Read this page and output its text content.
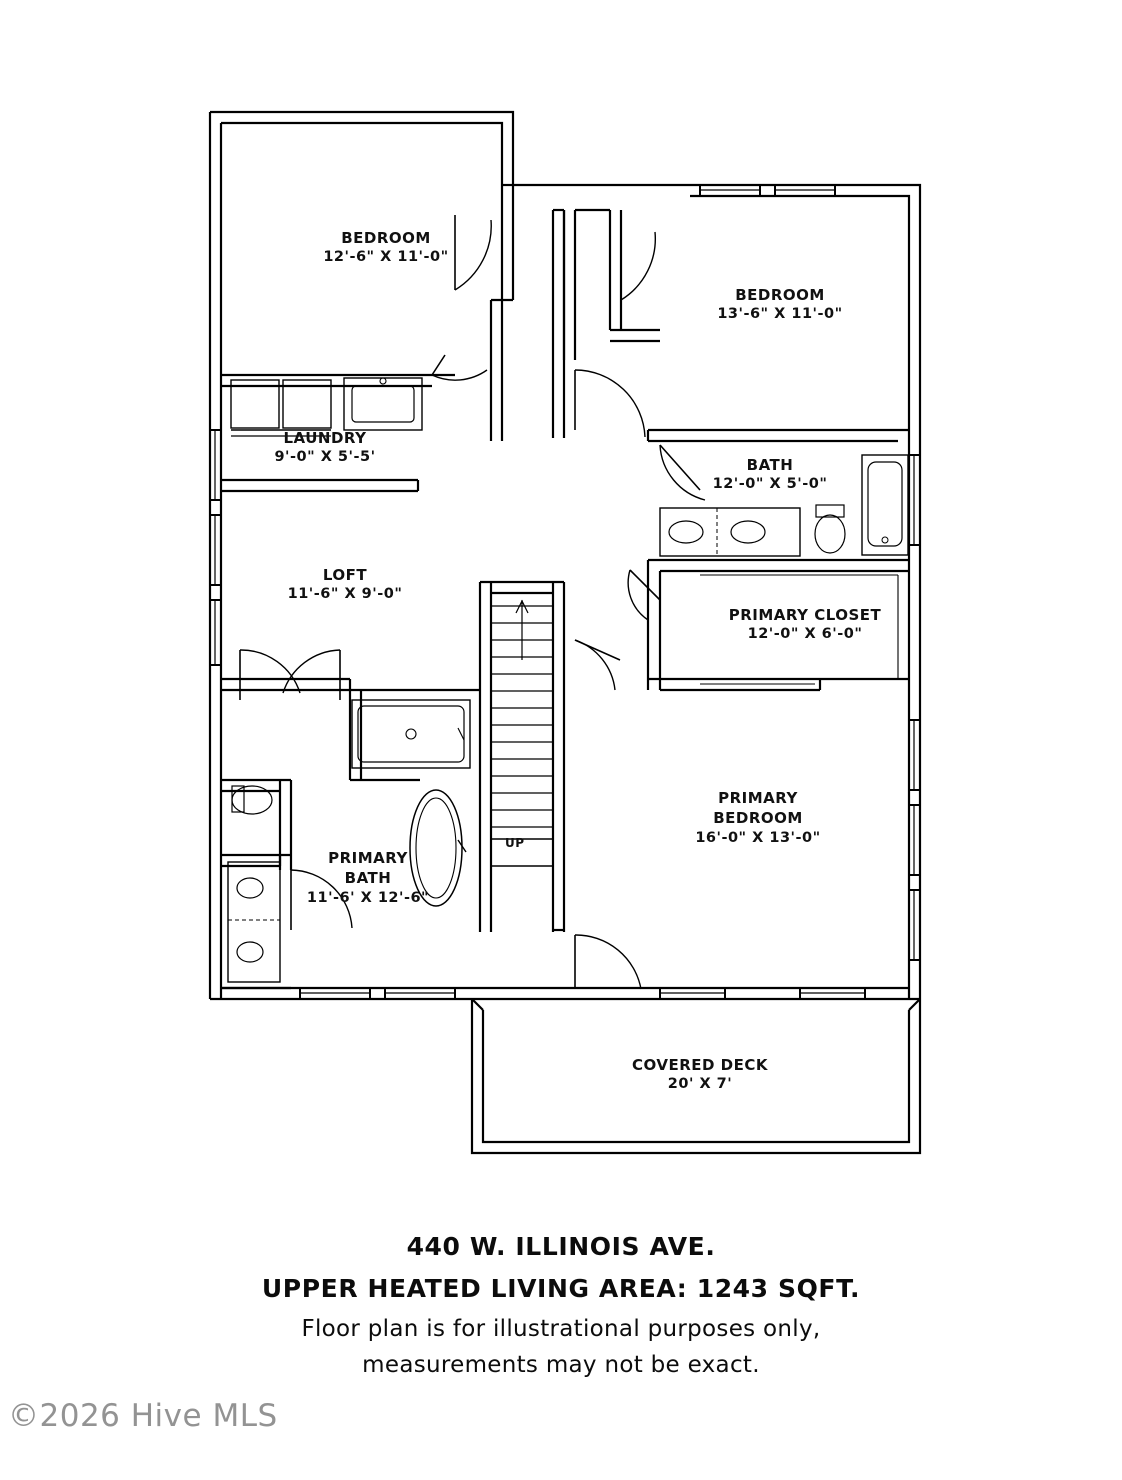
BEDROOM
12'-6" X 11'-0"
BEDROOM
13'-6" X 11'-0"
LAUNDRY
9'-0" X 5'-5'	BATH
12'-0" X 5'-0"
LOFT
11'-6" X 9'-0"
PRIMARY CLOSET
12'-0" X 6'-0"
PRIMARY
BATH
11'-6' X 12'-6"
PRIMARY
BEDROOM
16'-0" X 13'-0"
COVERED DECK
20' X 7'
UP
440 W. ILLINOIS AVE.
UPPER HEATED LIVING AREA: 1243 SQFT.
Floor plan is for illustrational purposes only,
measurements may not be exact.
©2026 Hive MLS
